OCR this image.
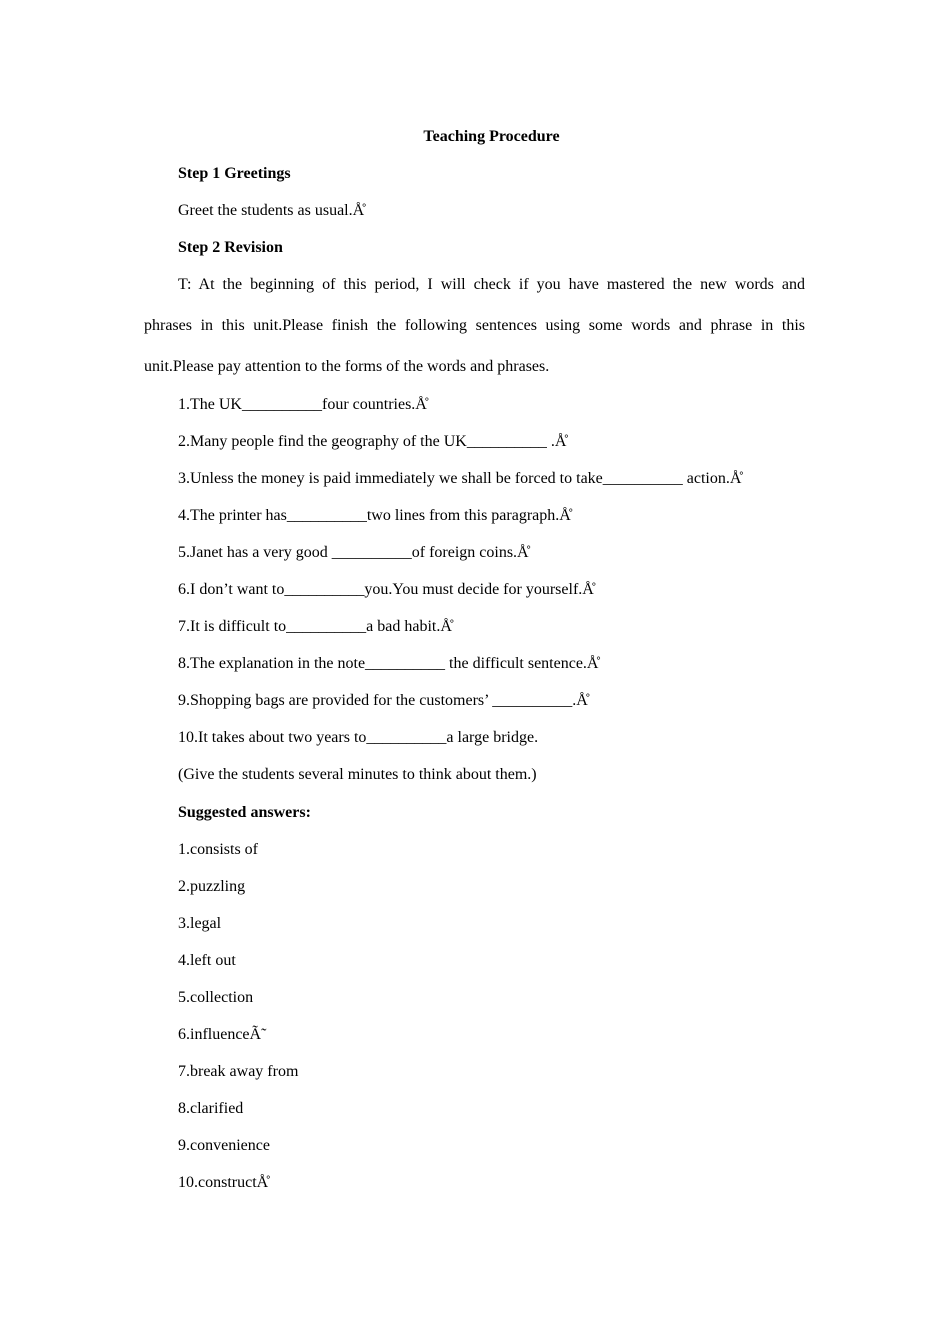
Teaching Procedure
Step 1 Greetings
Greet the students as usual.Å̊
Step 2 Revision
T: At the beginning of this period, I will check if you have mastered the new words and
phrases in this unit.Please finish the following sentences using some words and phrase in this
unit.Please pay attention to the forms of the words and phrases.
1.The UK__________four countries.Å̊
2.Many people find the geography of the UK__________ .Å̊
3.Unless the money is paid immediately we shall be forced to take__________ action.Å̊
4.The printer has__________two lines from this paragraph.Å̊
5.Janet has a very good __________of foreign coins.Å̊
6.I don’t want to__________you.You must decide for yourself.Å̊
7.It is difficult to__________a bad habit.Å̊
8.The explanation in the note__________ the difficult sentence.Å̊
9.Shopping bags are provided for the customers’ __________.Å̊
10.It takes about two years to__________a large bridge.
(Give the students several minutes to think about them.)
Suggested answers:
1.consists of
2.puzzling
3.legal
4.left out
5.collection
6.influenceÃ̃
7.break away from
8.clarified
9.convenience
10.constructÅ̊
